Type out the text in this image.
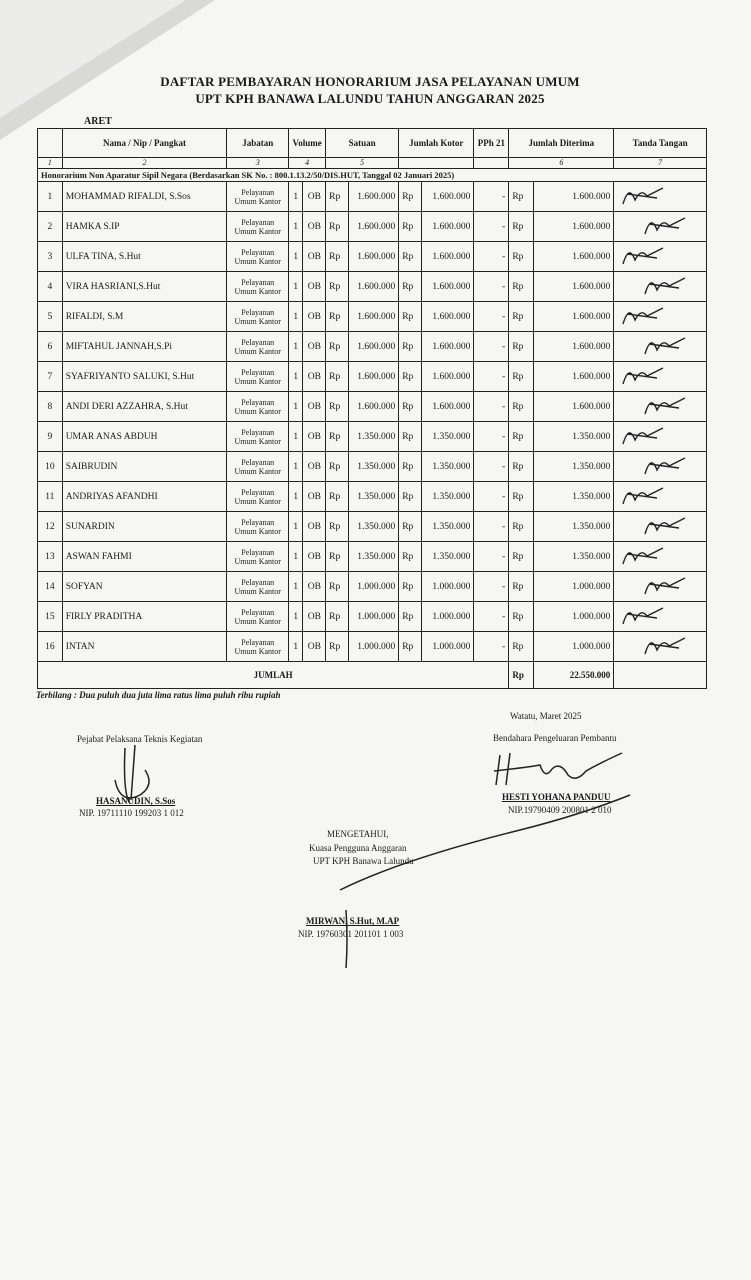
DAFTAR PEMBAYARAN HONORARIUM JASA PELAYANAN UMUM
UPT KPH BANAWA LALUNDU TAHUN ANGGARAN 2025
ARET
	Nama / Nip / Pangkat	Jabatan	Volume		Satuan		Jumlah Kotor		PPh 21	Jumlah Diterima		Tanda Tangan
1	2	3	4		5					6		7
Honorarium Non Aparatur Sipil Negara (Berdasarkan SK No. : 800.1.13.2/50/DIS.HUT, Tanggal 02 Januari 2025)												
1	MOHAMMAD RIFALDI, S.Sos	Pelayanan
Umum Kantor	1	OB	Rp	1.600.000	Rp	1.600.000	-	Rp	1.600.000	
2	HAMKA S.IP	Pelayanan
Umum Kantor	1	OB	Rp	1.600.000	Rp	1.600.000	-	Rp	1.600.000	
3	ULFA TINA, S.Hut	Pelayanan
Umum Kantor	1	OB	Rp	1.600.000	Rp	1.600.000	-	Rp	1.600.000	
4	VIRA HASRIANI,S.Hut	Pelayanan
Umum Kantor	1	OB	Rp	1.600.000	Rp	1.600.000	-	Rp	1.600.000	
5	RIFALDI, S.M	Pelayanan
Umum Kantor	1	OB	Rp	1.600.000	Rp	1.600.000	-	Rp	1.600.000	
6	MIFTAHUL JANNAH,S.Pi	Pelayanan
Umum Kantor	1	OB	Rp	1.600.000	Rp	1.600.000	-	Rp	1.600.000	
7	SYAFRIYANTO SALUKI, S.Hut	Pelayanan
Umum Kantor	1	OB	Rp	1.600.000	Rp	1.600.000	-	Rp	1.600.000	
8	ANDI DERI AZZAHRA, S.Hut	Pelayanan
Umum Kantor	1	OB	Rp	1.600.000	Rp	1.600.000	-	Rp	1.600.000	
9	UMAR ANAS ABDUH	Pelayanan
Umum Kantor	1	OB	Rp	1.350.000	Rp	1.350.000	-	Rp	1.350.000	
10	SAIBRUDIN	Pelayanan
Umum Kantor	1	OB	Rp	1.350.000	Rp	1.350.000	-	Rp	1.350.000	
11	ANDRIYAS AFANDHI	Pelayanan
Umum Kantor	1	OB	Rp	1.350.000	Rp	1.350.000	-	Rp	1.350.000	
12	SUNARDIN	Pelayanan
Umum Kantor	1	OB	Rp	1.350.000	Rp	1.350.000	-	Rp	1.350.000	
13	ASWAN FAHMI	Pelayanan
Umum Kantor	1	OB	Rp	1.350.000	Rp	1.350.000	-	Rp	1.350.000	
14	SOFYAN	Pelayanan
Umum Kantor	1	OB	Rp	1.000.000	Rp	1.000.000	-	Rp	1.000.000	
15	FIRLY PRADITHA	Pelayanan
Umum Kantor	1	OB	Rp	1.000.000	Rp	1.000.000	-	Rp	1.000.000	
16	INTAN	Pelayanan
Umum Kantor	1	OB	Rp	1.000.000	Rp	1.000.000	-	Rp	1.000.000	
JUMLAH										Rp	22.550.000	
Terbilang : Dua puluh dua juta lima ratus lima puluh ribu rupiah
Pejabat Pelaksana Teknis Kegiatan
HASANUDIN, S.Sos
NIP. 19711110 199203 1 012
Watatu, Maret 2025
Bendahara Pengeluaran Pembantu
HESTI YOHANA PANDUU
NIP.19790409 200801 2 010
MENGETAHUI,
Kuasa Pengguna Anggaran
UPT KPH Banawa Lalundu
MIRWAN, S.Hut, M.AP
NIP. 19760301 201101 1 003
